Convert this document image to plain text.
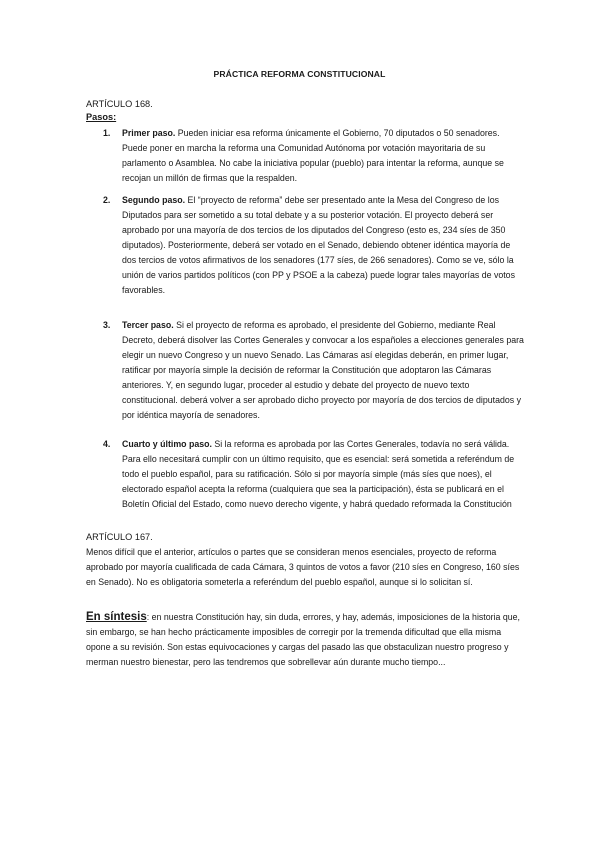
PRÁCTICA REFORMA CONSTITUCIONAL
ARTÍCULO 168.
Pasos:
1. Primer paso. Pueden iniciar esa reforma únicamente el Gobierno, 70 diputados o 50 senadores. Puede poner en marcha la reforma una Comunidad Autónoma por votación mayoritaria de su parlamento o Asamblea. No cabe la iniciativa popular (pueblo) para intentar la reforma, aunque se recojan un millón de firmas que la respalden.
2. Segundo paso. El “proyecto de reforma” debe ser presentado ante la Mesa del Congreso de los Diputados para ser sometido a su total debate y a su posterior votación. El proyecto deberá ser aprobado por una mayoría de dos tercios de los diputados del Congreso (esto es, 234 síes de 350 diputados). Posteriormente, deberá ser votado en el Senado, debiendo obtener idéntica mayoría de dos tercios de votos afirmativos de los senadores (177 síes, de 266 senadores). Como se ve, sólo la unión de varios partidos políticos (con PP y PSOE a la cabeza) puede lograr tales mayorías de votos favorables.
3. Tercer paso. Si el proyecto de reforma es aprobado, el presidente del Gobierno, mediante Real Decreto, deberá disolver las Cortes Generales y convocar a los españoles a elecciones generales para elegir un nuevo Congreso y un nuevo Senado. Las Cámaras así elegidas deberán, en primer lugar, ratificar por mayoría simple la decisión de reformar la Constitución que adoptaron las Cámaras anteriores. Y, en segundo lugar, proceder al estudio y debate del proyecto de nuevo texto constitucional. deberá volver a ser aprobado dicho proyecto por mayoría de dos tercios de diputados y por idéntica mayoría de senadores.
4. Cuarto y último paso. Si la reforma es aprobada por las Cortes Generales, todavía no será válida. Para ello necesitará cumplir con un último requisito, que es esencial: será sometida a referéndum de todo el pueblo español, para su ratificación. Sólo si por mayoría simple (más síes que noes), el electorado español acepta la reforma (cualquiera que sea la participación), ésta se publicará en el Boletín Oficial del Estado, como nuevo derecho vigente, y habrá quedado reformada la Constitución
ARTÍCULO 167.

Menos difícil que el anterior, artículos o partes que se consideran menos esenciales, proyecto de reforma aprobado por mayoría cualificada de cada Cámara, 3 quintos de votos a favor (210 síes en Congreso, 160 síes en Senado). No es obligatoria someterla a referéndum del pueblo español, aunque si lo solicitan sí.

En síntesis: en nuestra Constitución hay, sin duda, errores, y hay, además, imposiciones de la historia que, sin embargo, se han hecho prácticamente imposibles de corregir por la tremenda dificultad que ella misma opone a su revisión. Son estas equivocaciones y cargas del pasado las que obstaculizan nuestro progreso y merman nuestro bienestar, pero las tendremos que sobrellevar aún durante mucho tiempo...
